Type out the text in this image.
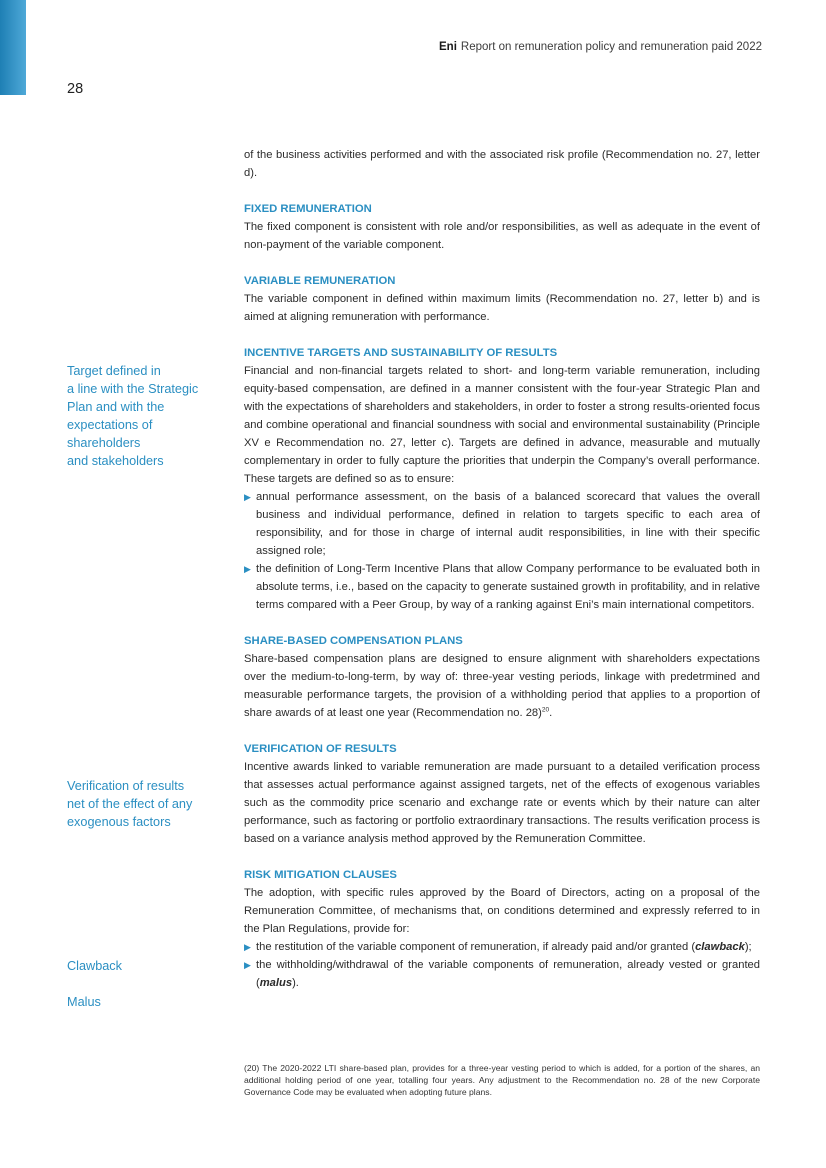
Eni Report on remuneration policy and remuneration paid 2022
28
Target defined in
a line with the Strategic
Plan and with the
expectations of
shareholders
and stakeholders
Verification of results
net of the effect of any
exogenous factors
Clawback
Malus

of the business activities performed and with the associated risk profile (Recommendation no. 27, letter d).

FIXED REMUNERATION

The fixed component is consistent with role and/or responsibilities, as well as adequate in the event of non-payment of the variable component.

VARIABLE REMUNERATION

The variable component in defined within maximum limits (Recommendation no. 27, letter b) and is aimed at aligning remuneration with performance.

INCENTIVE TARGETS AND SUSTAINABILITY OF RESULTS

Financial and non-financial targets related to short- and long-term variable remuneration, including equity-based compensation, are defined in a manner consistent with the four-year Strategic Plan and with the expectations of shareholders and stakeholders, in order to foster a strong results-oriented focus and combine operational and financial soundness with social and environmental sustainability (Principle XV e Recommendation no. 27, letter c). Targets are defined in advance, measurable and mutually complementary in order to fully capture the priorities that underpin the Company’s overall performance. These targets are defined so as to ensure:

▶ annual performance assessment, on the basis of a balanced scorecard that values the overall business and individual performance, defined in relation to targets specific to each area of responsibility, and for those in charge of internal audit responsibilities, in line with their specific assigned role;
▶ the definition of Long-Term Incentive Plans that allow Company performance to be evaluated both in absolute terms, i.e., based on the capacity to generate sustained growth in profitability, and in relative terms compared with a Peer Group, by way of a ranking against Eni’s main international competitors.
SHARE-BASED COMPENSATION PLANS

Share-based compensation plans are designed to ensure alignment with shareholders expectations over the medium-to-long-term, by way of: three-year vesting periods, linkage with predetrmined and measurable performance targets, the provision of a withholding period that applies to a proportion of share awards of at least one year (Recommendation no. 28)$^{20}$.

VERIFICATION OF RESULTS

Incentive awards linked to variable remuneration are made pursuant to a detailed verification process that assesses actual performance against assigned targets, net of the effects of exogenous variables such as the commodity price scenario and exchange rate or events which by their nature can alter performance, such as factoring or portfolio extraordinary transactions. The results verification process is based on a variance analysis method approved by the Remuneration Committee.

RISK MITIGATION CLAUSES

The adoption, with specific rules approved by the Board of Directors, acting on a proposal of the Remuneration Committee, of mechanisms that, on conditions determined and expressly referred to in the Plan Regulations, provide for:

▶ the restitution of the variable component of remuneration, if already paid and/or granted (clawback);
▶ the withholding/withdrawal of the variable components of remuneration, already vested or granted (malus).
(20) The 2020-2022 LTI share-based plan, provides for a three-year vesting period to which is added, for a portion of the shares, an additional holding period of one year, totalling four years. Any adjustment to the Recommendation no. 28 of the new Corporate Governance Code may be evaluated when adopting future plans.
